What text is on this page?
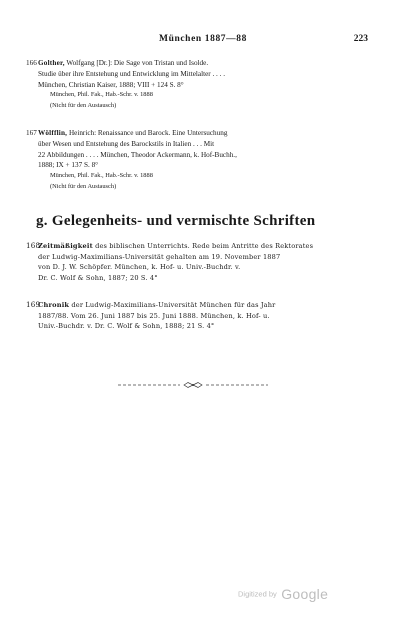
München 1887—88	223
166 Golther, Wolfgang [Dr.]: Die Sage von Tristan und Isolde.
Studie über ihre Entstehung und Entwicklung im Mittelalter . . . .
München, Christian Kaiser, 1888; VIII + 124 S. 8°
München, Phil. Fak., Hab.-Schr. v. 1888
(Nicht für den Austausch)
167 Wölfflin, Heinrich: Renaissance und Barock. Eine Untersuchung
über Wesen und Entstehung des Barockstils in Italien . . . Mit
22 Abbildungen . . . . München, Theodor Ackermann, k. Hof-Buchh.,
1888; IX + 137 S. 8°
München, Phil. Fak., Hab.-Schr. v. 1888
(Nicht für den Austausch)
g. Gelegenheits- und vermischte Schriften
168
Zeitmäßigkeit des biblischen Unterrichts. Rede beim Antritte des Rektorates
der Ludwig-Maximilians-Universität gehalten am 19. November 1887
von D. J. W. Schöpfer. München, k. Hof- u. Univ.-Buchdr. v.
Dr. C. Wolf & Sohn, 1887; 20 S. 4°
169
Chronik der Ludwig-Maximilians-Universität München für das Jahr
1887/88. Vom 26. Juni 1887 bis 25. Juni 1888. München, k. Hof- u.
Univ.-Buchdr. v. Dr. C. Wolf & Sohn, 1888; 21 S. 4°
Digitized by Google
